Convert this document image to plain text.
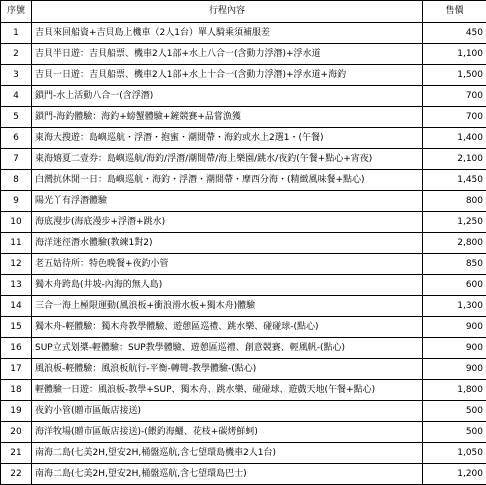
序號	行程內容	售價
1	吉貝來回船資+吉貝島上機車（2人1台）單人騎乘須補服差	450
2	吉貝半日遊：吉貝船票、機車2人1部+水上八合一(含動力浮潛)+浮水道	1,100
3	吉貝一日遊：吉貝船票、機車2人1部+水上十合一(含動力浮潛)+浮水道+海釣	1,500
4	鎖門-水上活動八合一(含浮潛)	700
5	鎖門-海釣體驗：海釣+螃蟹體驗+鏟競賽+品嘗漁獲	700
6	東海大搜遊：島嶼巡航・浮潛・抱蜜・潮間帶・海釣或水上2選1・(午餐)	1,400
7	東海嬉夏二壹券：島嶼巡航/海釣/浮潛/潮間帶/海上樂園/跳水/夜釣(午餐+點心+宵夜)	2,100
8	白灣抗休閒一日：島嶼巡航・海釣・浮潛・潮間帶・摩西分海・(精緻風味餐+點心)	1,450
9	陽光丫有浮潛體驗	800
10	海底漫步(海底漫步+浮潛+跳水)	1,250
11	海洋迷徑潛水體驗(教練1對2)	2,800
12	老五姑待所：特色晚餐+夜釣小管	850
13	獨木舟跨島(井坡-內海的無人島)	600
14	三合一海上極限運動(風浪板+衝浪滑水板+獨木舟)體驗	1,300
15	獨木舟-輕體驗：獨木舟教學體驗、遊憩區巡禮、跳水樂、碰碰球-(點心)	900
16	SUP立式划槳-輕體驗：SUP教學體驗、遊憩區巡禮、創意競賽、輕風帆-(點心)	900
17	風浪板-輕體驗：風浪板航行-平衡-轉彎-教學體驗-(點心)	900
18	輕體驗一日遊：風浪板-教學+SUP、獨木舟、跳水樂、碰碰球、遊戲天地(午餐+點心)	1,800
19	夜釣小管(贈市區飯店接送)	500
20	海洋牧場(贈市區飯店接送)-(餵釣海鱺、花枝+碳烤鮮蚵)	500
21	南海二島(七美2H,望安2H,桶盤巡航,含七望環島機車2人1台)	1,050
22	南海二島(七美2H,望安2H,桶盤巡航,含七望環島巴士)	1,200
